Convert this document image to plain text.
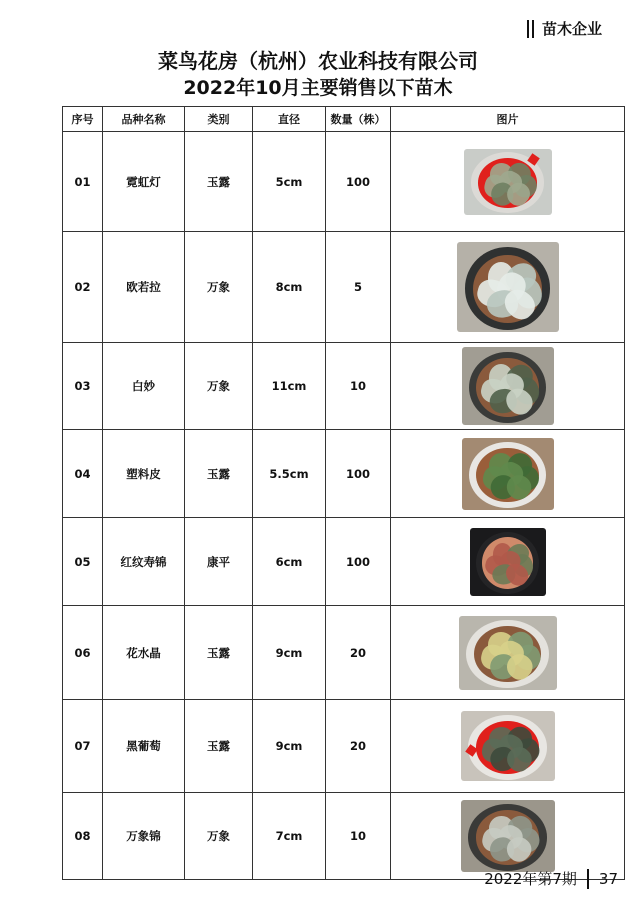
苗木企业
菜鸟花房（杭州）农业科技有限公司
2022年10月主要销售以下苗木
序号	品种名称	类别	直径	数量（株）	图片
01	霓虹灯	玉露	5cm	100	

02	欧若拉	万象	8cm	5	

03	白妙	万象	11cm	10	

04	塑料皮	玉露	5.5cm	100	

05	红纹寿锦	康平	6cm	100	

06	花水晶	玉露	9cm	20	

07	黑葡萄	玉露	9cm	20	

08	万象锦	万象	7cm	10	
2022年第7期 37
